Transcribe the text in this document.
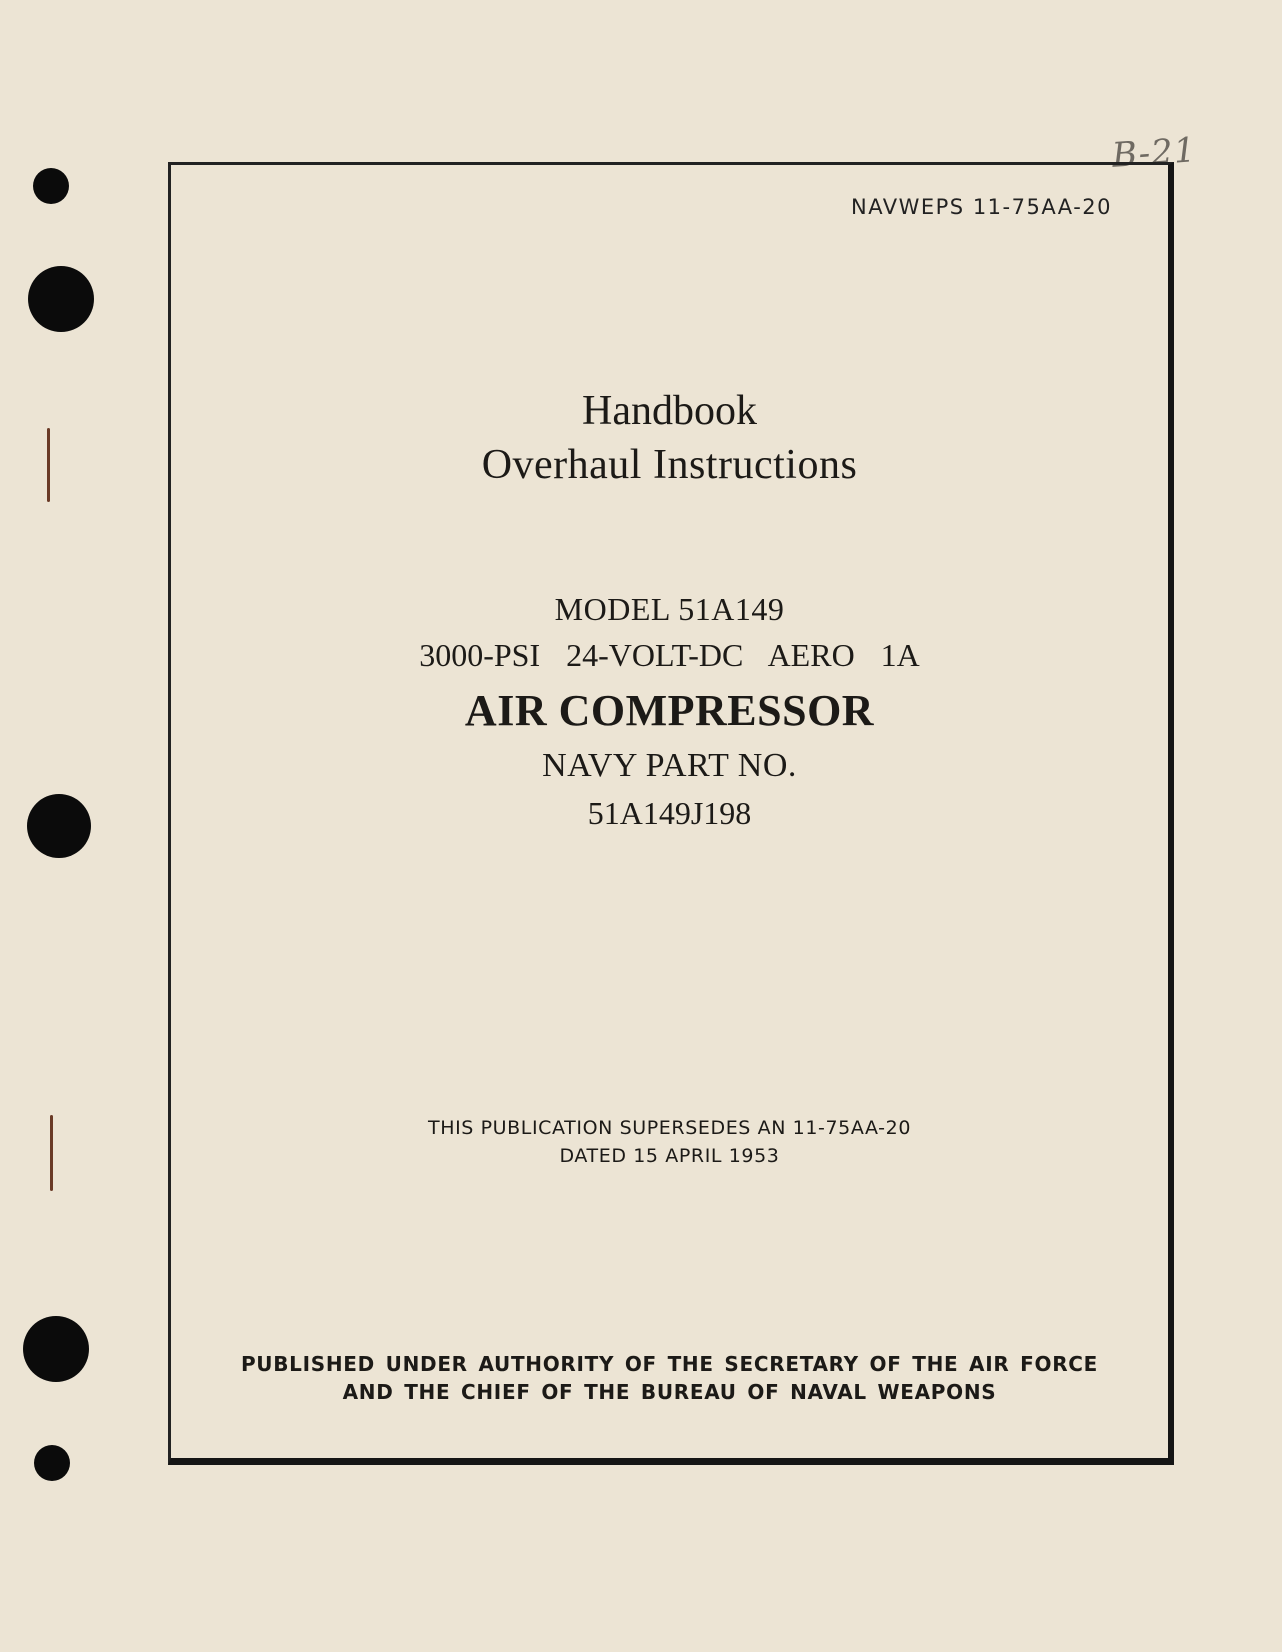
B-21
NAVWEPS 11-75AA-20
Handbook
Overhaul Instructions
MODEL 51A149
3000-PSI 24-VOLT-DC AERO 1A
AIR COMPRESSOR
NAVY PART NO.
51A149J198
THIS PUBLICATION SUPERSEDES AN 11-75AA-20
DATED 15 APRIL 1953
PUBLISHED UNDER AUTHORITY OF THE SECRETARY OF THE AIR FORCE
AND THE CHIEF OF THE BUREAU OF NAVAL WEAPONS
